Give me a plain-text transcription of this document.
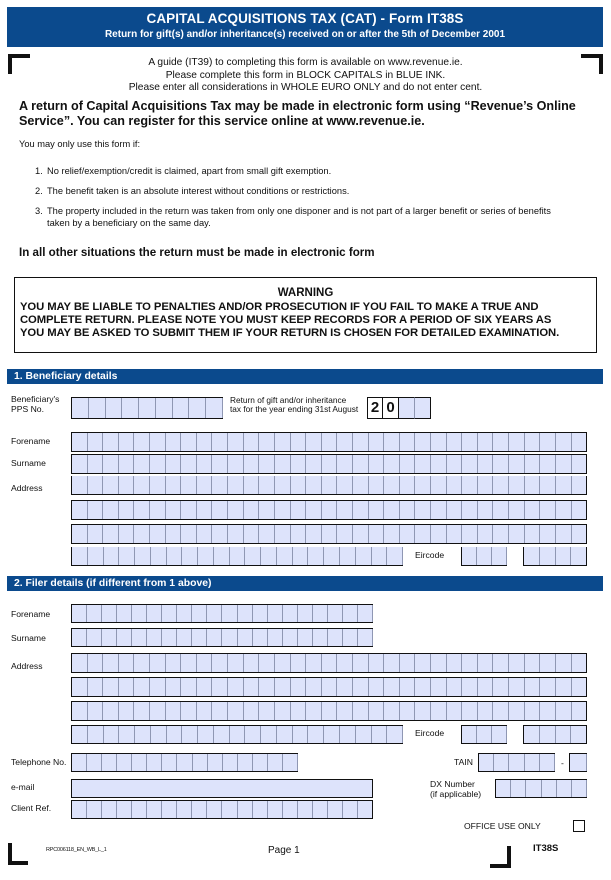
CAPITAL ACQUISITIONS TAX (CAT) - Form IT38S
Return for gift(s) and/or inheritance(s) received on or after the 5th of December 2001
A guide (IT39) to completing this form is available on www.revenue.ie.
Please complete this form in BLOCK CAPITALS in BLUE INK.
Please enter all considerations in WHOLE EURO ONLY and do not enter cent.
A return of Capital Acquisitions Tax may be made in electronic form using “Revenue’s Online
Service”. You can register for this service online at www.revenue.ie.
You may only use this form if:
1. No relief/exemption/credit is claimed, apart from small gift exemption.
2. The benefit taken is an absolute interest without conditions or restrictions.
3. The property included in the return was taken from only one disponer and is not part of a larger benefit or series of benefits taken by a beneficiary on the same day.
In all other situations the return must be made in electronic form
WARNING
YOU MAY BE LIABLE TO PENALTIES AND/OR PROSECUTION IF YOU FAIL TO MAKE A TRUE AND
COMPLETE RETURN. PLEASE NOTE YOU MUST KEEP RECORDS FOR A PERIOD OF SIX YEARS AS
YOU MAY BE ASKED TO SUBMIT THEM IF YOUR RETURN IS CHOSEN FOR DETAILED EXAMINATION.
1. Beneficiary details
Beneficiary's
PPS No.
Return of gift and/or inheritance
tax for the year ending 31st August 2 0
Forename
Surname
Address
Eircode
2. Filer details (if different from 1 above)
Forename
Surname
Address
Eircode
Telephone No.	TAIN	-
e-mail	DX Number
(if applicable)
Client Ref.
OFFICE USE ONLY
RPC006118_EN_WB_L_1	Page 1	IT38S
